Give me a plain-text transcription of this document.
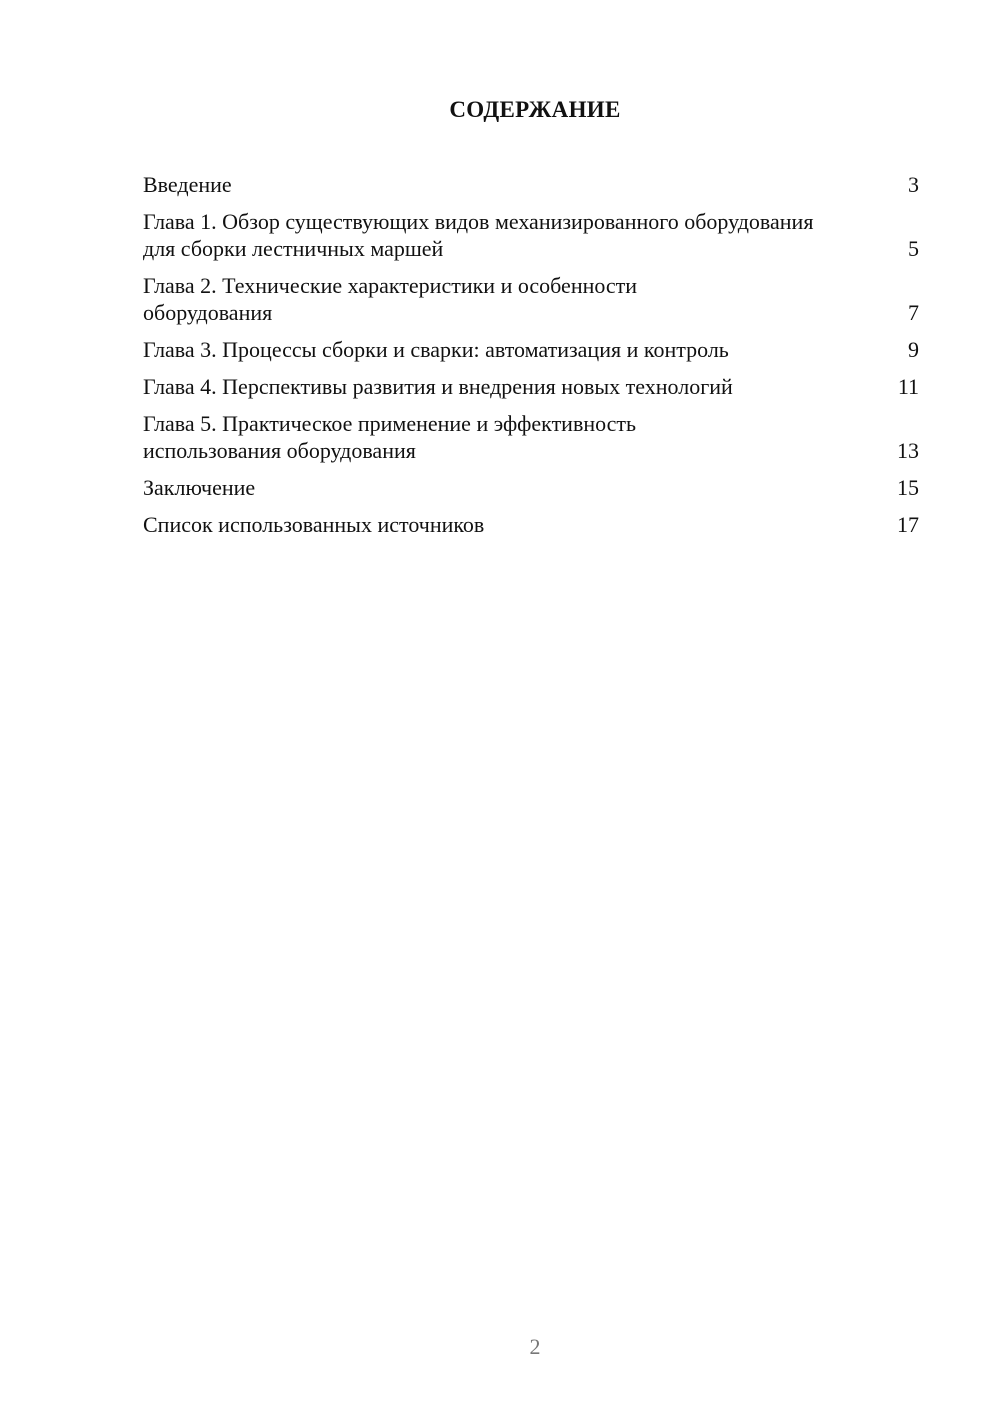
СОДЕРЖАНИЕ
Введение	3
Глава 1. Обзор существующих видов механизированного оборудования для сборки лестничных маршей	5
Глава 2. Технические характеристики и особенности оборудования	7
Глава 3. Процессы сборки и сварки: автоматизация и контроль	9
Глава 4. Перспективы развития и внедрения новых технологий	11
Глава 5. Практическое применение и эффективность использования оборудования	13
Заключение	15
Список использованных источников	17
2
